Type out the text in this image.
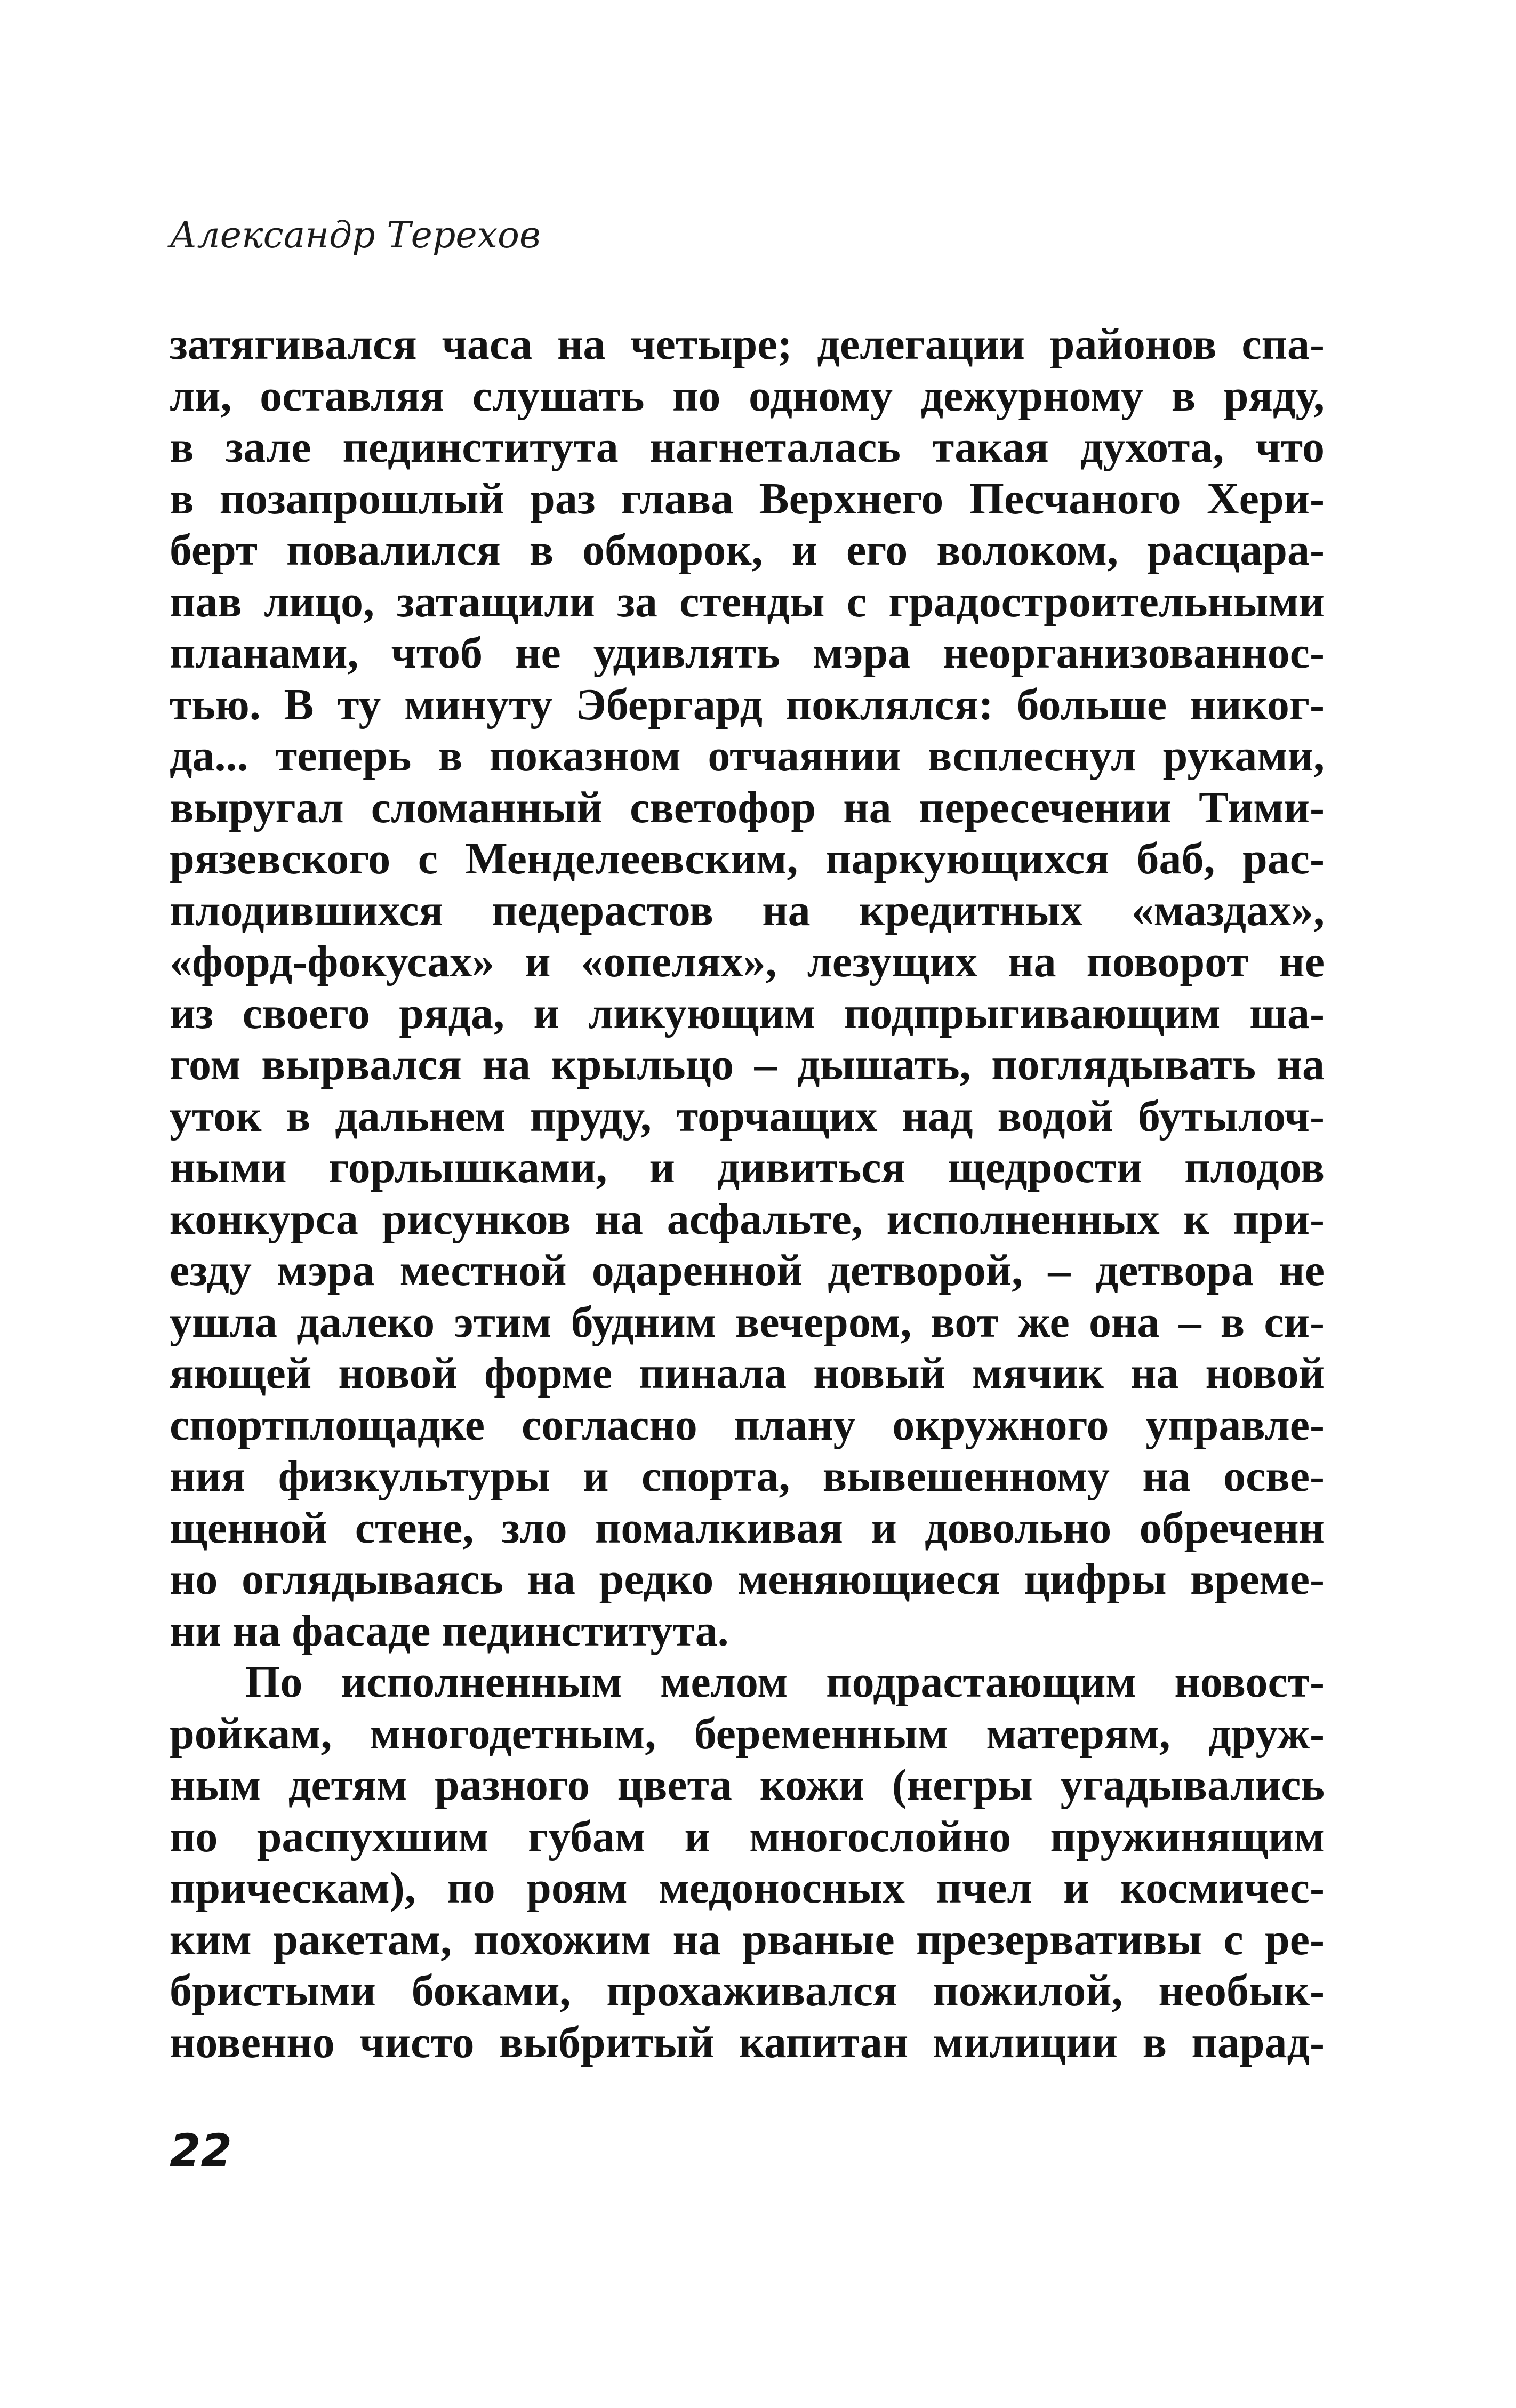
Александр Терехов
затягивался часа на четыре; делегации районов спа-
ли, оставляя слушать по одному дежурному в ряду,
в зале пединститута нагнеталась такая духота, что
в позапрошлый раз глава Верхнего Песчаного Хери-
берт повалился в обморок, и его волоком, расцара-
пав лицо, затащили за стенды с градостроительными
планами, чтоб не удивлять мэра неорганизованнос-
тью. В ту минуту Эбергард поклялся: больше никог-
да... теперь в показном отчаянии всплеснул руками,
выругал сломанный светофор на пересечении Тими-
рязевского с Менделеевским, паркующихся баб, рас-
плодившихся педерастов на кредитных «маздах»,
«форд-фокусах» и «опелях», лезущих на поворот не
из своего ряда, и ликующим подпрыгивающим ша-
гом вырвался на крыльцо – дышать, поглядывать на
уток в дальнем пруду, торчащих над водой бутылоч-
ными горлышками, и дивиться щедрости плодов
конкурса рисунков на асфальте, исполненных к при-
езду мэра местной одаренной детворой, – детвора не
ушла далеко этим будним вечером, вот же она – в си-
яющей новой форме пинала новый мячик на новой
спортплощадке согласно плану окружного управле-
ния физкультуры и спорта, вывешенному на осве-
щенной стене, зло помалкивая и довольно обреченн
но оглядываясь на редко меняющиеся цифры време-
ни на фасаде пединститута.
По исполненным мелом подрастающим новост-
ройкам, многодетным, беременным матерям, друж-
ным детям разного цвета кожи (негры угадывались
по распухшим губам и многослойно пружинящим
прическам), по роям медоносных пчел и космичес-
ким ракетам, похожим на рваные презервативы с ре-
бристыми боками, прохаживался пожилой, необык-
новенно чисто выбритый капитан милиции в парад-
22
